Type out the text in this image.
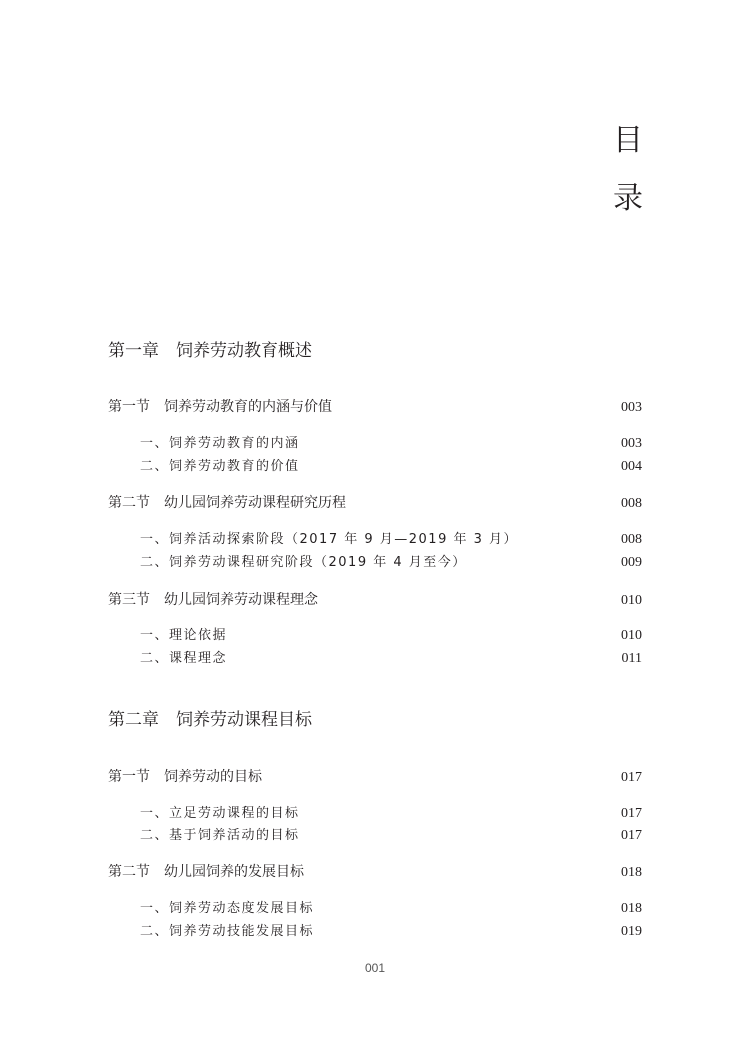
目
录
第一章　饲养劳动教育概述
第一节 饲养劳动教育的内涵与价值	003
一、饲养劳动教育的内涵	003
二、饲养劳动教育的价值	004
第二节 幼儿园饲养劳动课程研究历程	008
一、饲养活动探索阶段（2017 年 9 月—2019 年 3 月）	008
二、饲养劳动课程研究阶段（2019 年 4 月至今）	009
第三节 幼儿园饲养劳动课程理念	010
一、理论依据	010
二、课程理念	011
第二章　饲养劳动课程目标
第一节 饲养劳动的目标	017
一、立足劳动课程的目标	017
二、基于饲养活动的目标	017
第二节 幼儿园饲养的发展目标	018
一、饲养劳动态度发展目标	018
二、饲养劳动技能发展目标	019
001
